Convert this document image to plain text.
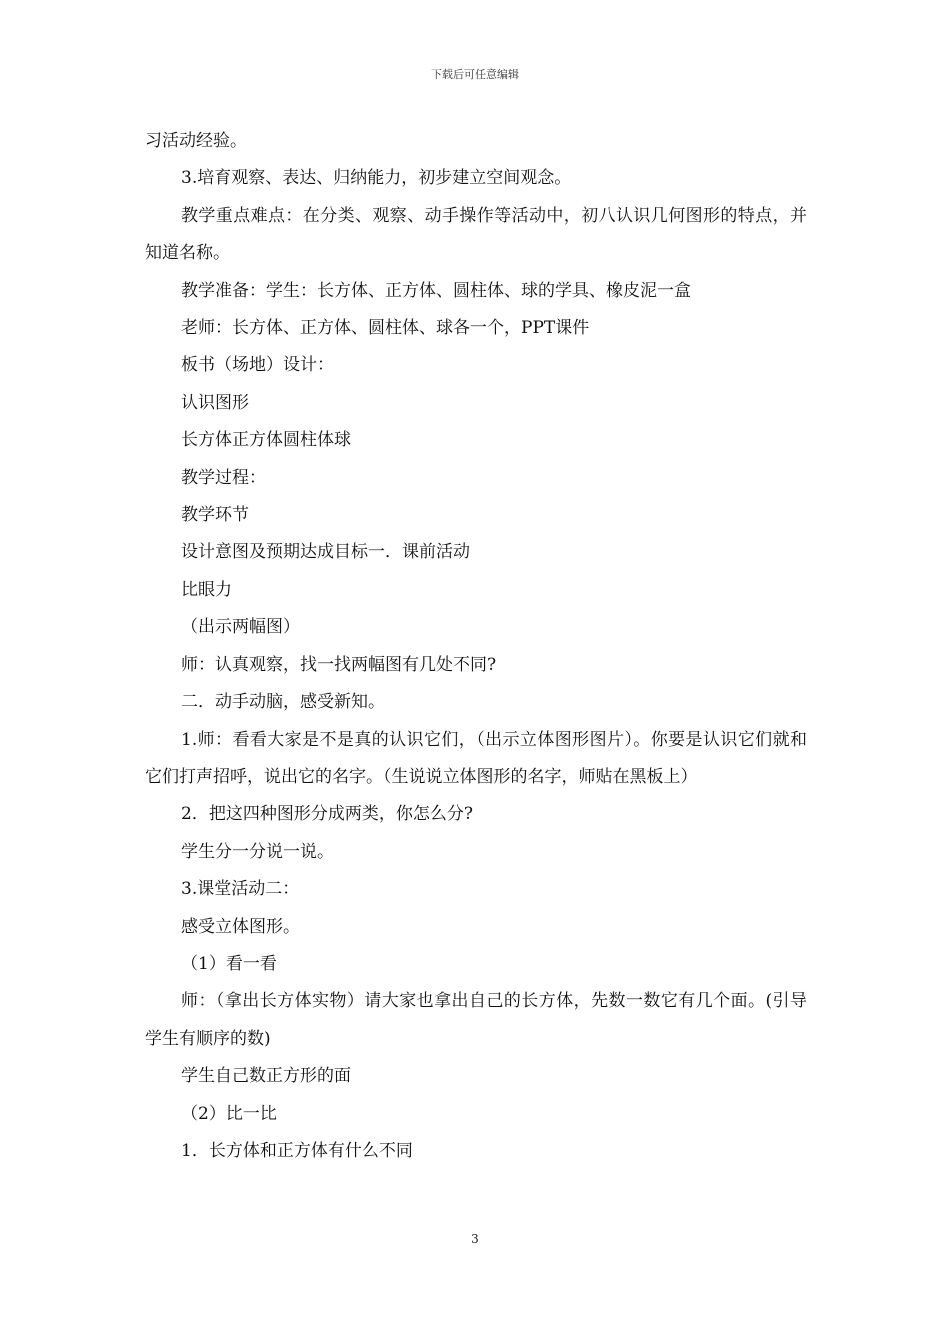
下载后可任意编辑

习活动经验。

3.培育观察、表达、归纳能力，初步建立空间观念。

教学重点难点：在分类、观察、动手操作等活动中，初八认识几何图形的特点，并知道名称。

教学准备：学生：长方体、正方体、圆柱体、球的学具、橡皮泥一盒

老师：长方体、正方体、圆柱体、球各一个，PPT课件

板书（场地）设计：

认识图形

长方体正方体圆柱体球

教学过程：

教学环节

设计意图及预期达成目标一．课前活动

比眼力

（出示两幅图）

师：认真观察，找一找两幅图有几处不同?

二．动手动脑，感受新知。

1.师：看看大家是不是真的认识它们，（出示立体图形图片）。你要是认识它们就和它们打声招呼，说出它的名字。（生说说立体图形的名字，师贴在黑板上）

2．把这四种图形分成两类，你怎么分?

学生分一分说一说。

3.课堂活动二：

感受立体图形。

（1）看一看

师：（拿出长方体实物）请大家也拿出自己的长方体，先数一数它有几个面。(引导学生有顺序的数)

学生自己数正方形的面

（2）比一比

1．长方体和正方体有什么不同

3
